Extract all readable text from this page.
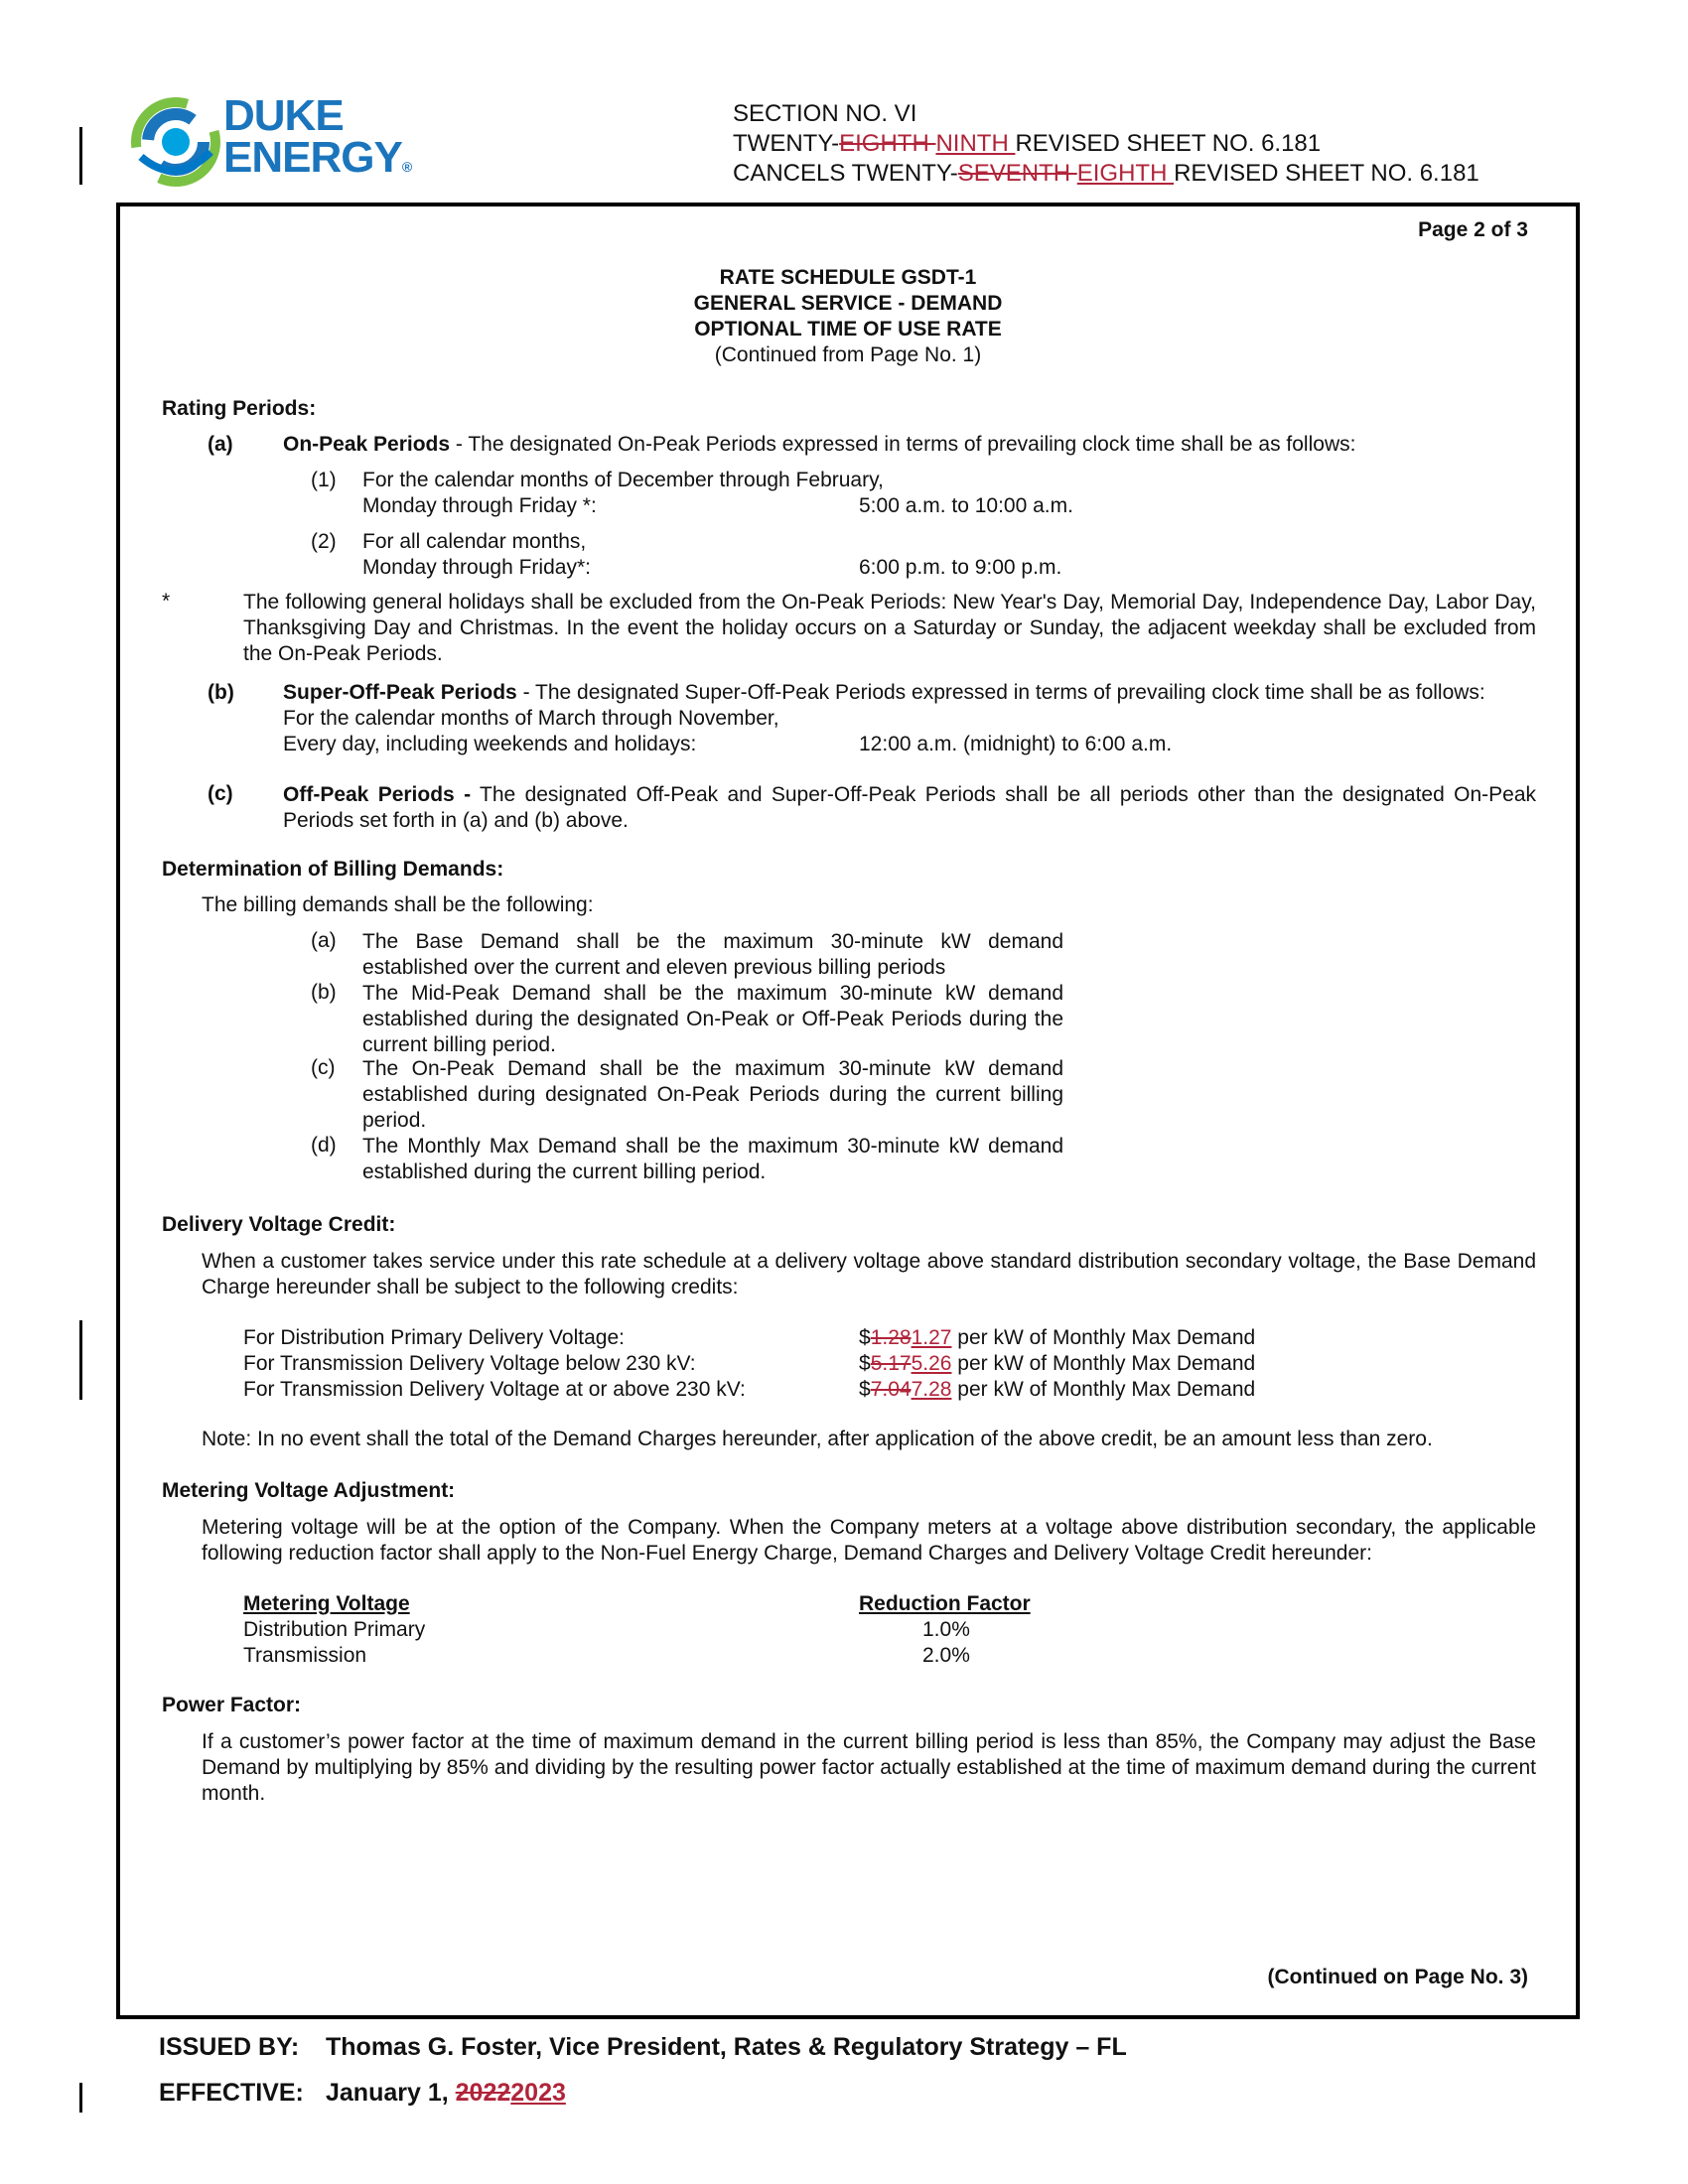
DUKE
ENERGY®
SECTION NO. VI
TWENTY-EIGHTH NINTH REVISED SHEET NO. 6.181
CANCELS TWENTY-SEVENTH EIGHTH REVISED SHEET NO. 6.181
Page 2 of 3
RATE SCHEDULE GSDT-1
GENERAL SERVICE - DEMAND
OPTIONAL TIME OF USE RATE
(Continued from Page No. 1)
Rating Periods:
(a) On-Peak Periods - The designated On-Peak Periods expressed in terms of prevailing clock time shall be as follows:
(1) For the calendar months of December through February,
Monday through Friday *:	5:00 a.m. to 10:00 a.m.
(2) For all calendar months,
Monday through Friday*:	6:00 p.m. to 9:00 p.m.
*	The following general holidays shall be excluded from the On-Peak Periods: New Year's Day, Memorial Day, Independence Day, Labor Day, Thanksgiving Day and Christmas. In the event the holiday occurs on a Saturday or Sunday, the adjacent weekday shall be excluded from the On-Peak Periods.
(b) Super-Off-Peak Periods - The designated Super-Off-Peak Periods expressed in terms of prevailing clock time shall be as follows:
For the calendar months of March through November,
Every day, including weekends and holidays:	12:00 a.m. (midnight) to 6:00 a.m.
(c) Off-Peak Periods - The designated Off-Peak and Super-Off-Peak Periods shall be all periods other than the designated On-Peak Periods set forth in (a) and (b) above.
Determination of Billing Demands:
The billing demands shall be the following:
(a) The Base Demand shall be the maximum 30-minute kW demand established over the current and eleven previous billing periods
(b) The Mid-Peak Demand shall be the maximum 30-minute kW demand established during the designated On-Peak or Off-Peak Periods during the current billing period.
(c) The On-Peak Demand shall be the maximum 30-minute kW demand established during designated On-Peak Periods during the current billing period.
(d) The Monthly Max Demand shall be the maximum 30-minute kW demand established during the current billing period.
Delivery Voltage Credit:
When a customer takes service under this rate schedule at a delivery voltage above standard distribution secondary voltage, the Base Demand Charge hereunder shall be subject to the following credits:
For Distribution Primary Delivery Voltage:	$1.281.27 per kW of Monthly Max Demand
For Transmission Delivery Voltage below 230 kV:	$5.175.26 per kW of Monthly Max Demand
For Transmission Delivery Voltage at or above 230 kV:	$7.047.28 per kW of Monthly Max Demand
Note: In no event shall the total of the Demand Charges hereunder, after application of the above credit, be an amount less than zero.
Metering Voltage Adjustment:
Metering voltage will be at the option of the Company. When the Company meters at a voltage above distribution secondary, the applicable following reduction factor shall apply to the Non-Fuel Energy Charge, Demand Charges and Delivery Voltage Credit hereunder:
Metering Voltage	Reduction Factor
Distribution Primary	1.0%
Transmission	2.0%
Power Factor:
If a customer’s power factor at the time of maximum demand in the current billing period is less than 85%, the Company may adjust the Base Demand by multiplying by 85% and dividing by the resulting power factor actually established at the time of maximum demand during the current month.
(Continued on Page No. 3)
ISSUED BY:	Thomas G. Foster, Vice President, Rates & Regulatory Strategy – FL
EFFECTIVE: January 1, 20222023
